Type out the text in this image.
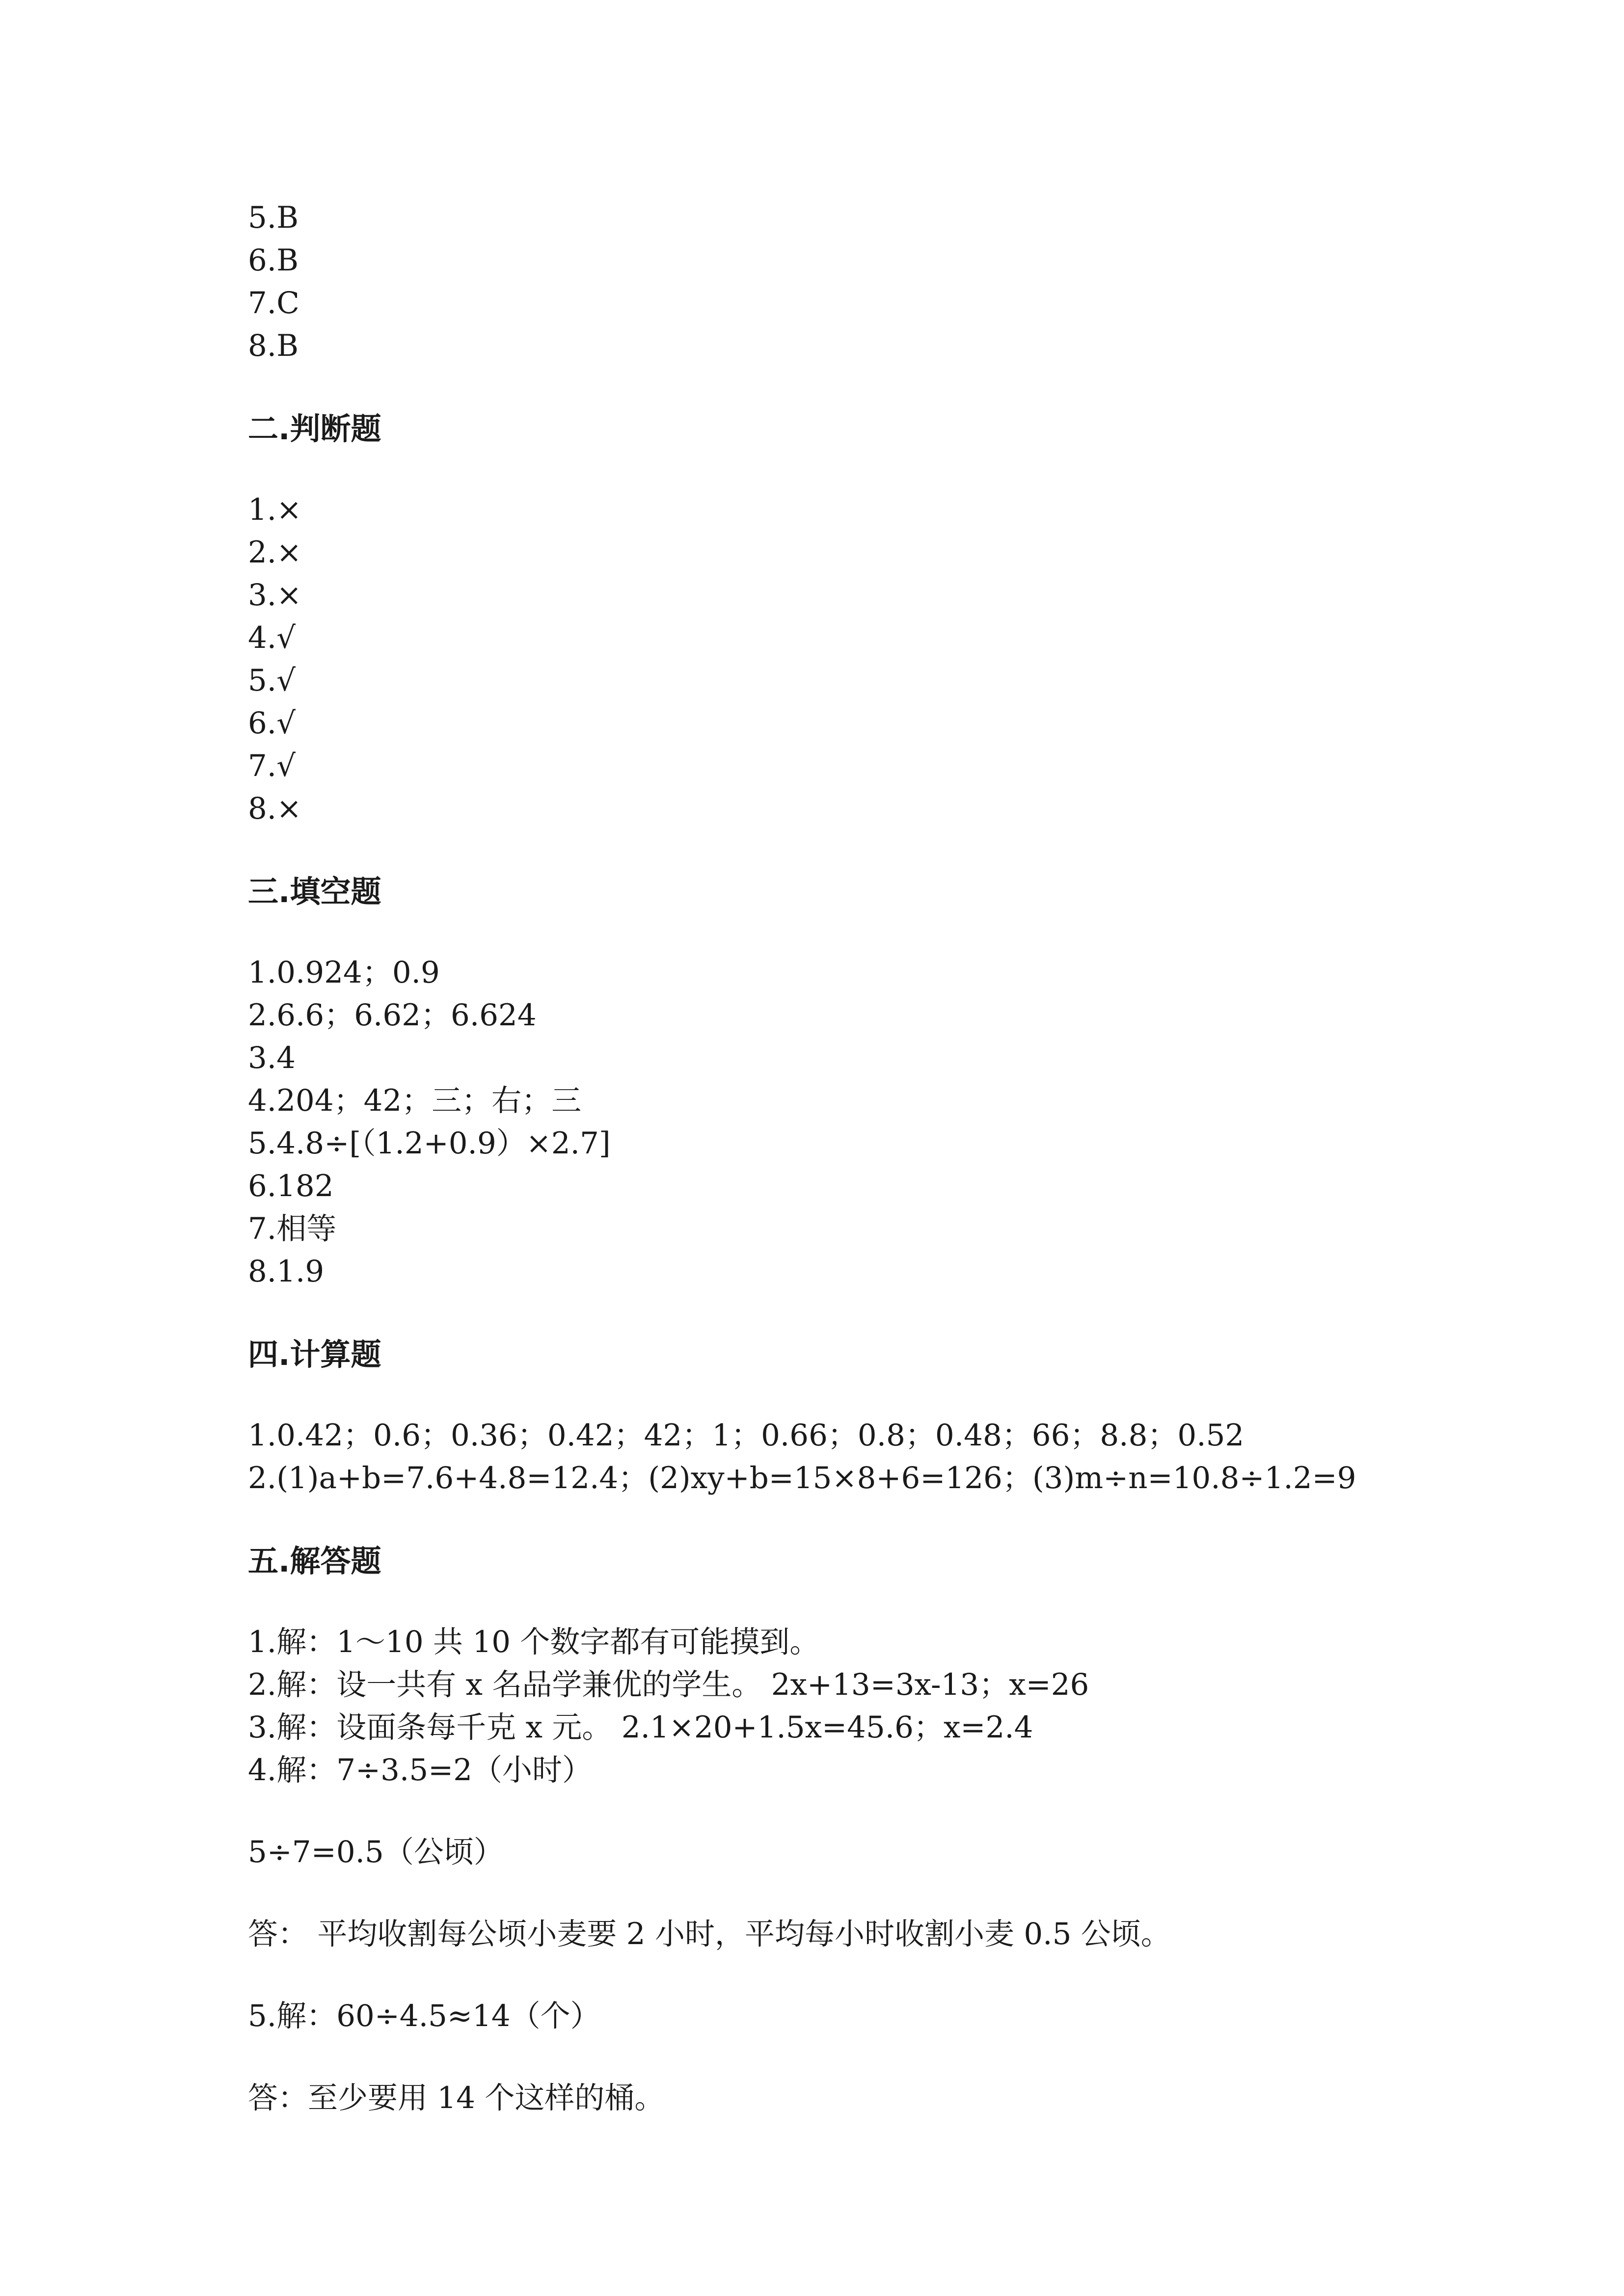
5.B

6.B

7.C

8.B

二.判断题

1.×

2.×

3.×

4.√

5.√

6.√

7.√

8.×

三.填空题

1.0.924；0.9

2.6.6；6.62；6.624

3.4

4.204；42；三；右；三

5.4.8÷[（1.2+0.9）×2.7]

6.182

7.相等

8.1.9

四.计算题

1.0.42；0.6；0.36；0.42；42；1；0.66；0.8；0.48；66；8.8；0.52

2.(1)a+b=7.6+4.8=12.4；(2)xy+b=15×8+6=126；(3)m÷n=10.8÷1.2=9

五.解答题

1.解：1～10 共 10 个数字都有可能摸到。

2.解：设一共有 x 名品学兼优的学生。 2x+13=3x-13；x=26

3.解：设面条每千克 x 元。 2.1×20+1.5x=45.6；x=2.4

4.解：7÷3.5=2（小时）

5÷7=0.5（公顷）

答： 平均收割每公顷小麦要 2 小时，平均每小时收割小麦 0.5 公顷。

5.解：60÷4.5≈14（个）

答：至少要用 14 个这样的桶。
